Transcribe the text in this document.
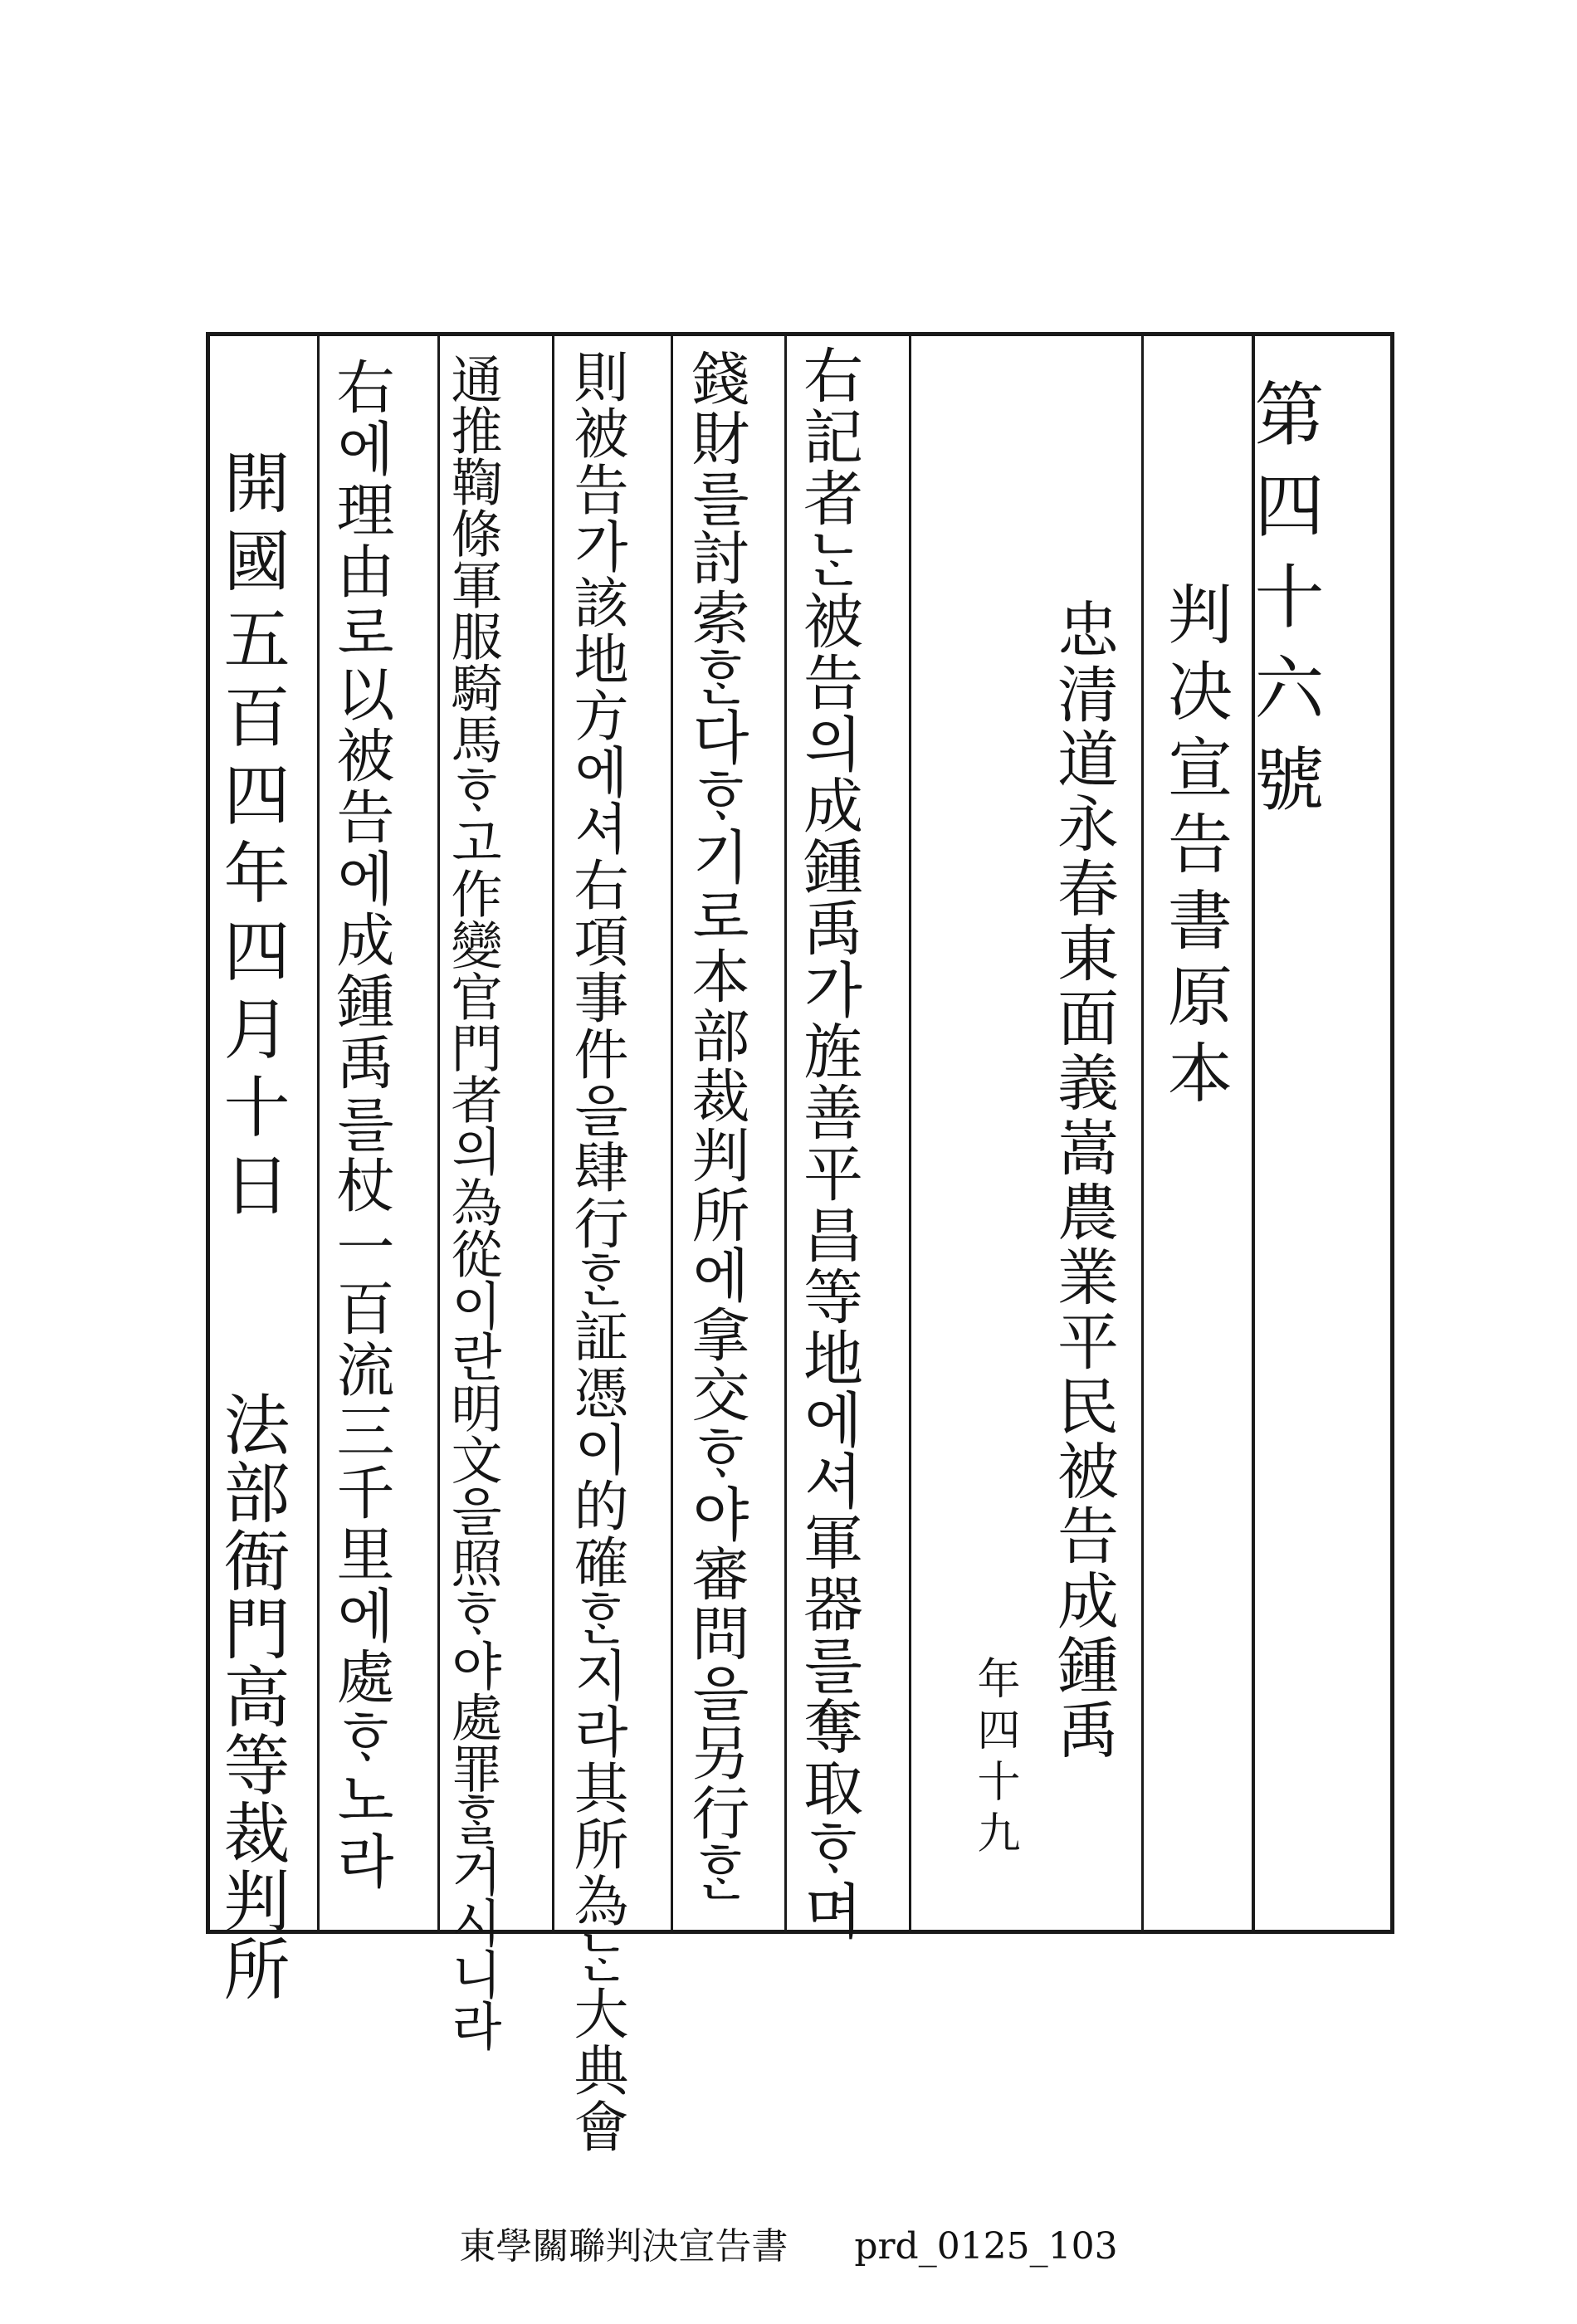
第四十六號
判决宣告書原本
忠清道永春東面義嵩農業平民被告成鍾禹
年四十九
右記者ᄂᆞᆫ被告의成鍾禹가旌善平昌等地에셔軍器를奪取ᄒᆞ며
錢財를討索ᄒᆞᆫ다ᄒᆞ기로本部裁判所에拿交ᄒᆞ야審問을另行ᄒᆞᆫ
則被告가該地方에셔右項事件을肆行ᄒᆞᆫ証憑이的確ᄒᆞᆫ지라其所為ᄂᆞᆫ大典會
通推鞫條軍服騎馬ᄒᆞ고作變官門者의為從이란明文을照ᄒᆞ야處罪ᄒᆞᆯ거시니라
右에理由로以被告에成鍾禹를杖一百流三千里에處ᄒᆞ노라
開國五百四年四月十日
法部衙門高等裁判所
東學關聯判決宣告書 prd_0125_103
